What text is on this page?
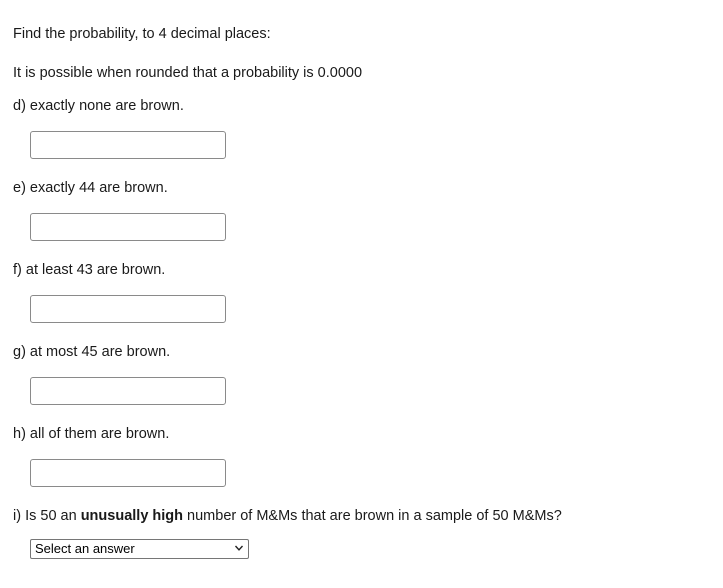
Find the probability, to 4 decimal places:
It is possible when rounded that a probability is 0.0000
d) exactly none are brown.
e) exactly 44 are brown.
f) at least 43 are brown.
g) at most 45 are brown.
h) all of them are brown.
i) Is 50 an unusually high number of M&Ms that are brown in a sample of 50 M&Ms?
Select an answer
